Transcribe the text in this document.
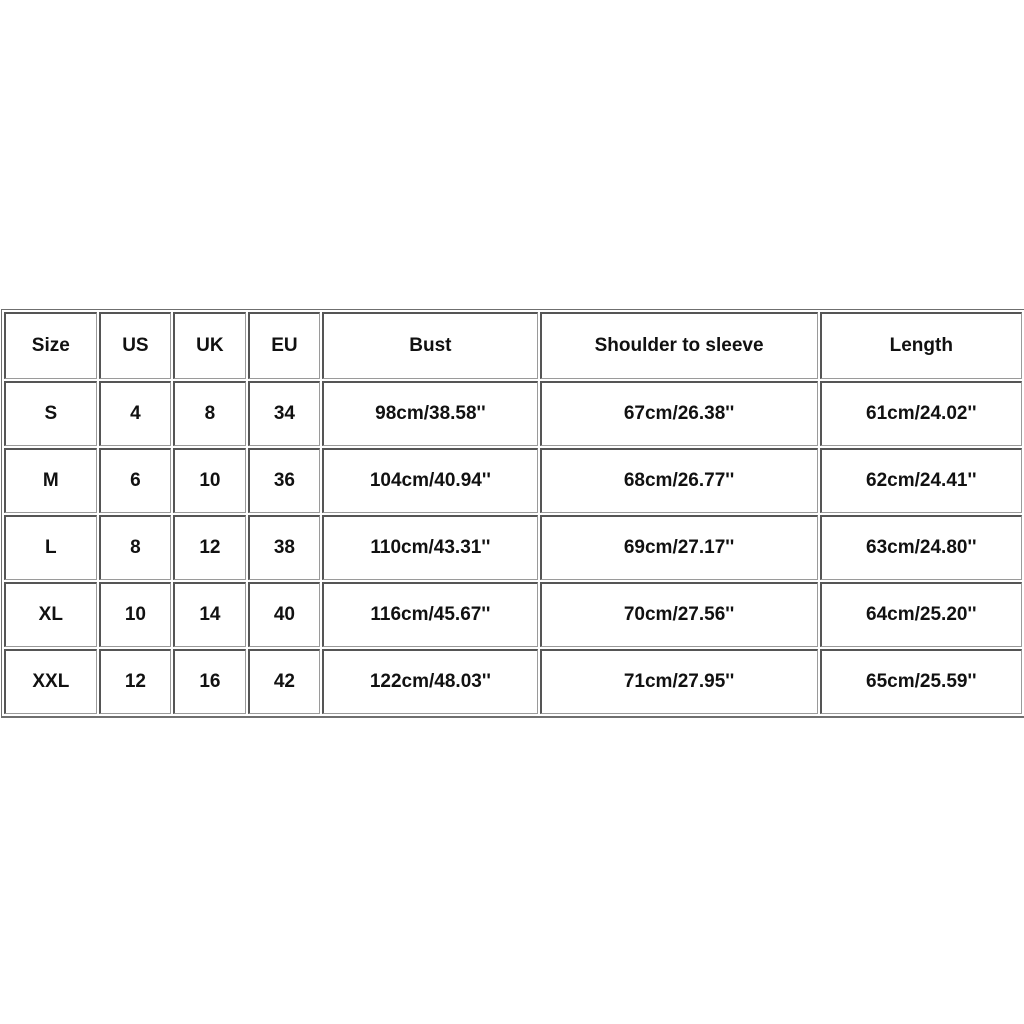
Size	US	UK	EU	Bust	Shoulder to sleeve	Length
S	4	8	34	98cm/38.58''	67cm/26.38''	61cm/24.02''
M	6	10	36	104cm/40.94''	68cm/26.77''	62cm/24.41''
L	8	12	38	110cm/43.31''	69cm/27.17''	63cm/24.80''
XL	10	14	40	116cm/45.67''	70cm/27.56''	64cm/25.20''
XXL	12	16	42	122cm/48.03''	71cm/27.95''	65cm/25.59''
